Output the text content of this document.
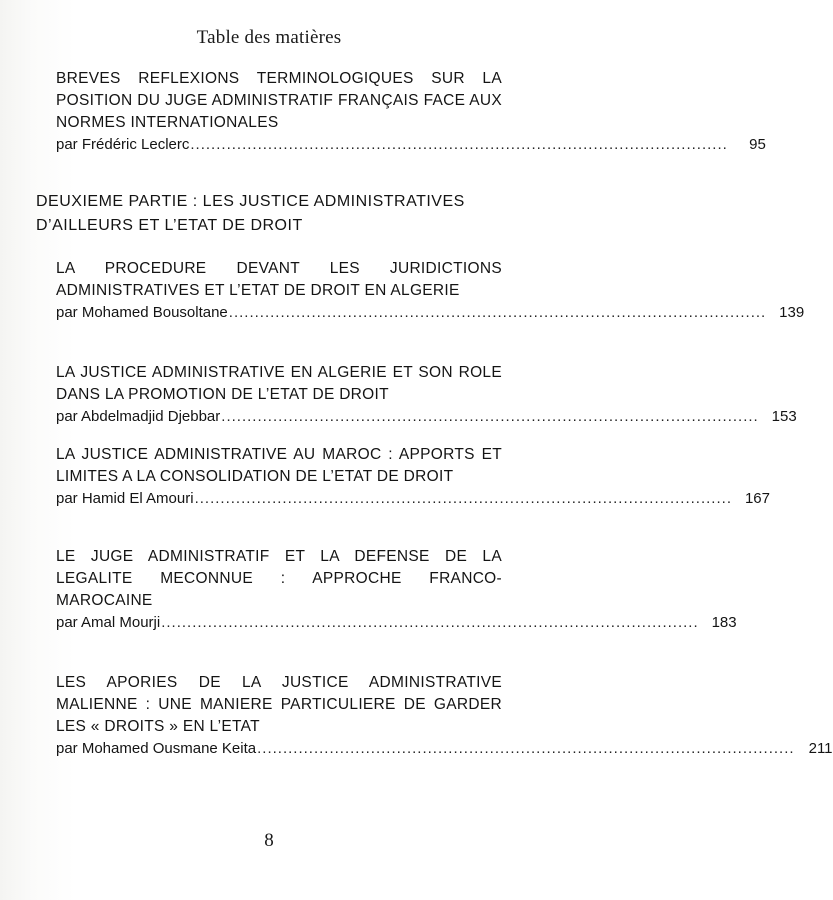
Table des matières
BREVES REFLEXIONS TERMINOLOGIQUES SUR LA POSITION DU JUGE ADMINISTRATIF FRANÇAIS FACE AUX NORMES INTERNATIONALES
par Frédéric Leclerc ........................................................................................................	95
DEUXIEME PARTIE : LES JUSTICE ADMINISTRATIVES D’AILLEURS ET L’ETAT DE DROIT
LA PROCEDURE DEVANT LES JURIDICTIONS ADMINISTRATIVES ET L’ETAT DE DROIT EN ALGERIE
par Mohamed Bousoltane ........................................................................................................ 139
LA JUSTICE ADMINISTRATIVE EN ALGERIE ET SON ROLE DANS LA PROMOTION DE L’ETAT DE DROIT
par Abdelmadjid Djebbar ........................................................................................................ 153
LA JUSTICE ADMINISTRATIVE AU MAROC : APPORTS ET LIMITES A LA CONSOLIDATION DE L’ETAT DE DROIT
par Hamid El Amouri ........................................................................................................ 167
LE JUGE ADMINISTRATIF ET LA DEFENSE DE LA LEGALITE MECONNUE : APPROCHE FRANCO-MAROCAINE
par Amal Mourji ........................................................................................................ 183
LES APORIES DE LA JUSTICE ADMINISTRATIVE MALIENNE : UNE MANIERE PARTICULIERE DE GARDER LES « DROITS » EN L’ETAT
par Mohamed Ousmane Keita ........................................................................................................ 211
8
